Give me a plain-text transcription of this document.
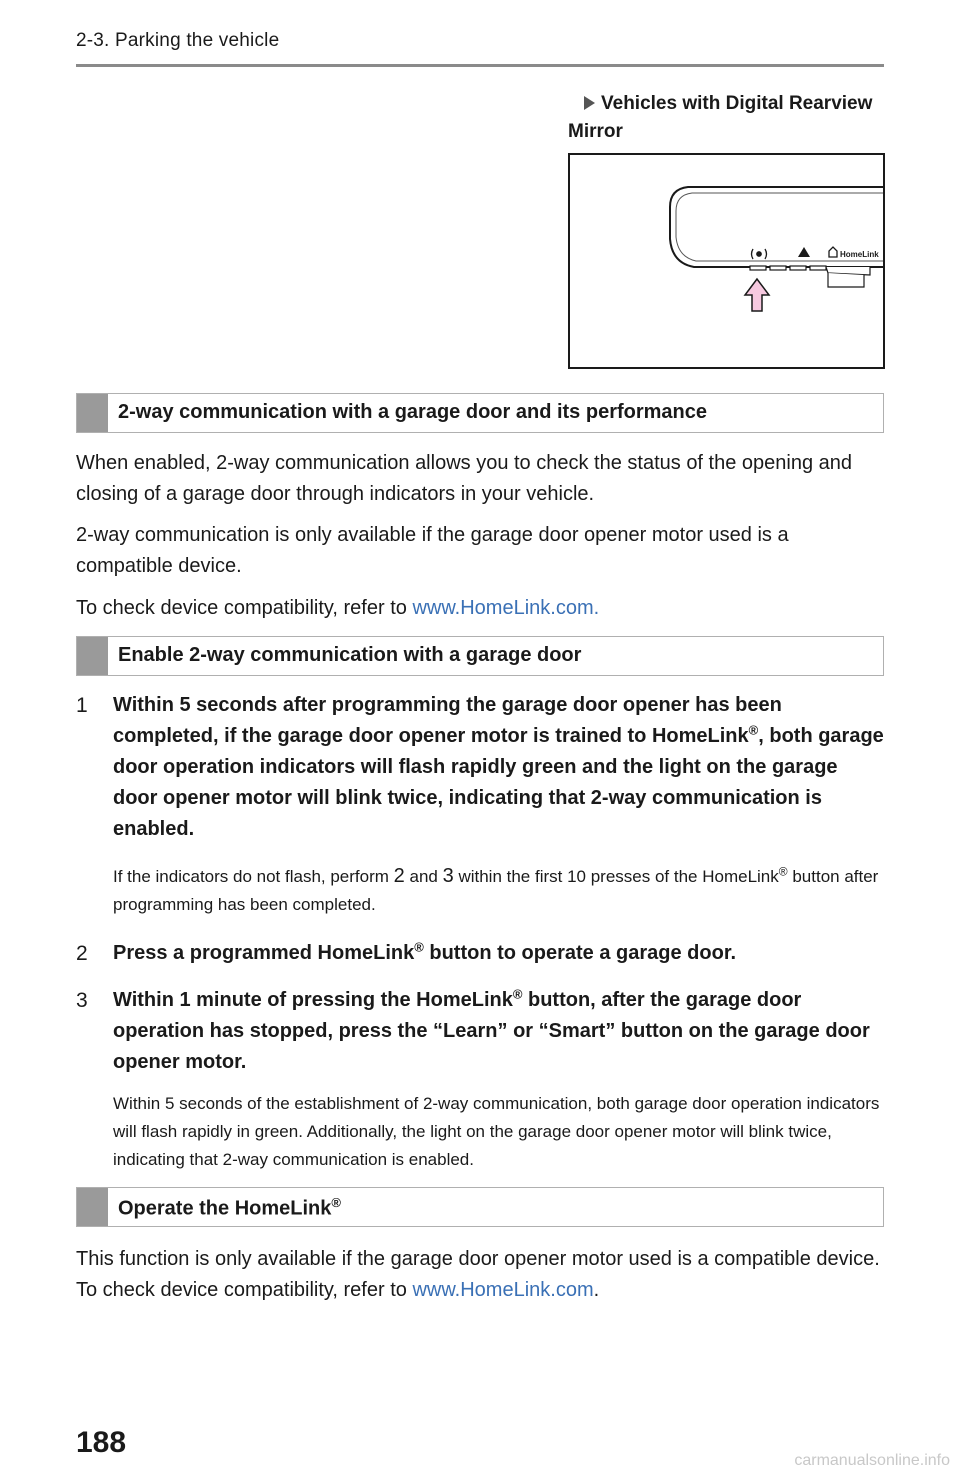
2-3. Parking the vehicle
Vehicles with Digital Rearview Mirror
HomeLink
2-way communication with a garage door and its performance
When enabled, 2-way communication allows you to check the status of the opening and closing of a garage door through indicators in your vehicle.
2-way communication is only available if the garage door opener motor used is a compatible device.
To check device compatibility, refer to www.HomeLink.com.
Enable 2-way communication with a garage door
1 Within 5 seconds after programming the garage door opener has been completed, if the garage door opener motor is trained to HomeLink®, both garage door operation indicators will flash rapidly green and the light on the garage door opener motor will blink twice, indicating that 2-way communication is enabled.
If the indicators do not flash, perform 2 and 3 within the first 10 presses of the HomeLink® button after programming has been completed.
2 Press a programmed HomeLink® button to operate a garage door.
3 Within 1 minute of pressing the HomeLink® button, after the garage door operation has stopped, press the “Learn” or “Smart” button on the garage door opener motor.
Within 5 seconds of the establishment of 2-way communication, both garage door operation indicators will flash rapidly in green. Additionally, the light on the garage door opener motor will blink twice, indicating that 2-way communication is enabled.
Operate the HomeLink®
This function is only available if the garage door opener motor used is a compatible device. To check device compatibility, refer to www.HomeLink.com.
188
carmanualsonline.info
